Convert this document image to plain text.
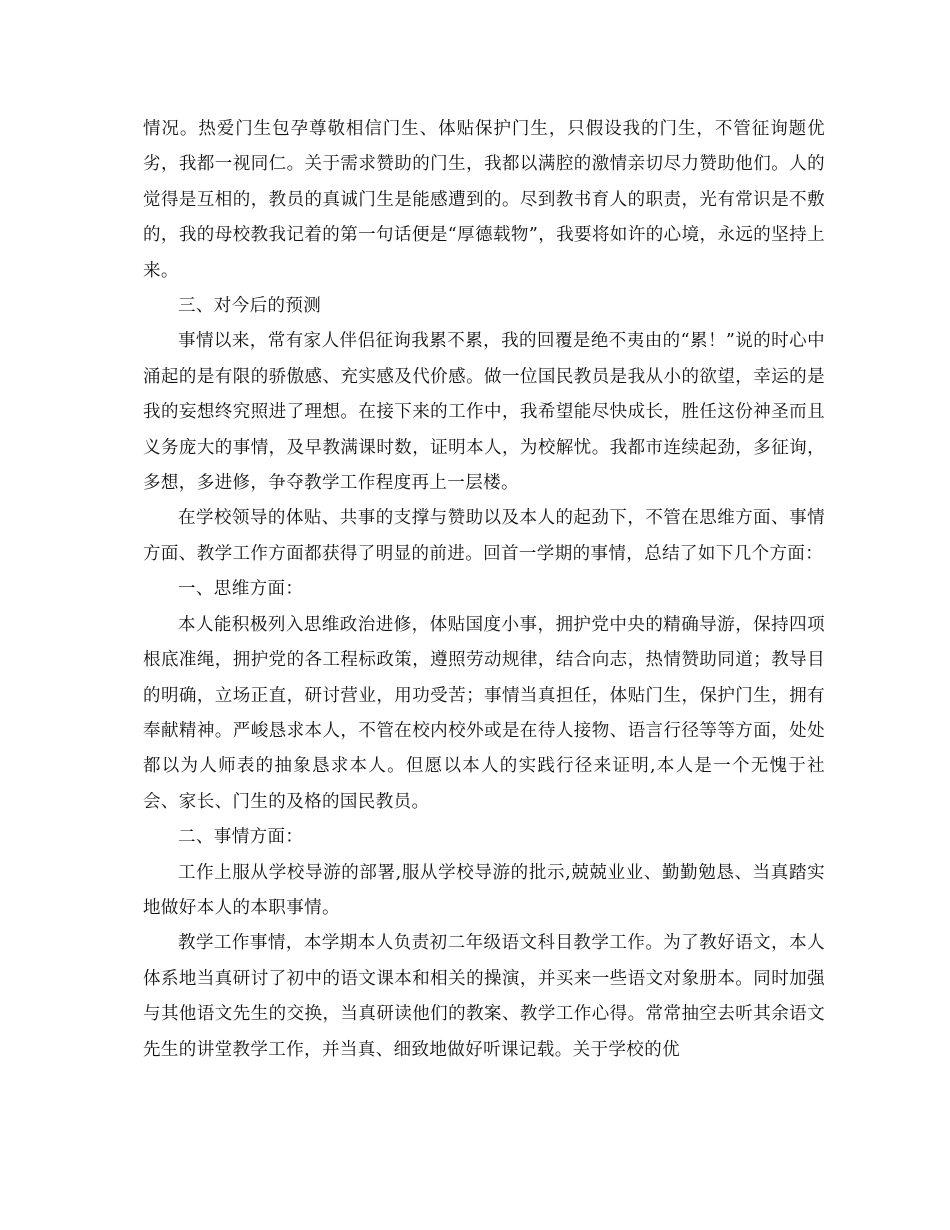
情况。热爱门生包孕尊敬相信门生、体贴保护门生，只假设我的门生，不管征询题优劣，我都一视同仁。关于需求赞助的门生，我都以满腔的激情亲切尽力赞助他们。人的觉得是互相的，教员的真诚门生是能感遭到的。尽到教书育人的职责，光有常识是不敷的，我的母校教我记着的第一句话便是“厚德载物”，我要将如许的心境，永远的坚持上来。

三、对今后的预测

事情以来，常有家人伴侣征询我累不累，我的回覆是绝不夷由的“累！”说的时心中涌起的是有限的骄傲感、充实感及代价感。做一位国民教员是我从小的欲望，幸运的是我的妄想终究照进了理想。在接下来的工作中，我希望能尽快成长，胜任这份神圣而且义务庞大的事情，及早教满课时数，证明本人，为校解忧。我都市连续起劲，多征询，多想，多进修，争夺教学工作程度再上一层楼。

在学校领导的体贴、共事的支撑与赞助以及本人的起劲下，不管在思维方面、事情方面、教学工作方面都获得了明显的前进。回首一学期的事情，总结了如下几个方面：

一、思维方面：

本人能积极列入思维政治进修，体贴国度小事，拥护党中央的精确导游，保持四项根底准绳，拥护党的各工程标政策，遵照劳动规律，结合向志，热情赞助同道；教导目的明确，立场正直，研讨营业，用功受苦；事情当真担任，体贴门生，保护门生，拥有奉献精神。严峻恳求本人，不管在校内校外或是在待人接物、语言行径等等方面，处处都以为人师表的抽象恳求本人。但愿以本人的实践行径来证明,本人是一个无愧于社会、家长、门生的及格的国民教员。

二、事情方面：

工作上服从学校导游的部署,服从学校导游的批示,兢兢业业、勤勤勉恳、当真踏实地做好本人的本职事情。

教学工作事情，本学期本人负责初二年级语文科目教学工作。为了教好语文，本人体系地当真研讨了初中的语文课本和相关的操演，并买来一些语文对象册本。同时加强与其他语文先生的交换，当真研读他们的教案、教学工作心得。常常抽空去听其余语文先生的讲堂教学工作，并当真、细致地做好听课记载。关于学校的优
